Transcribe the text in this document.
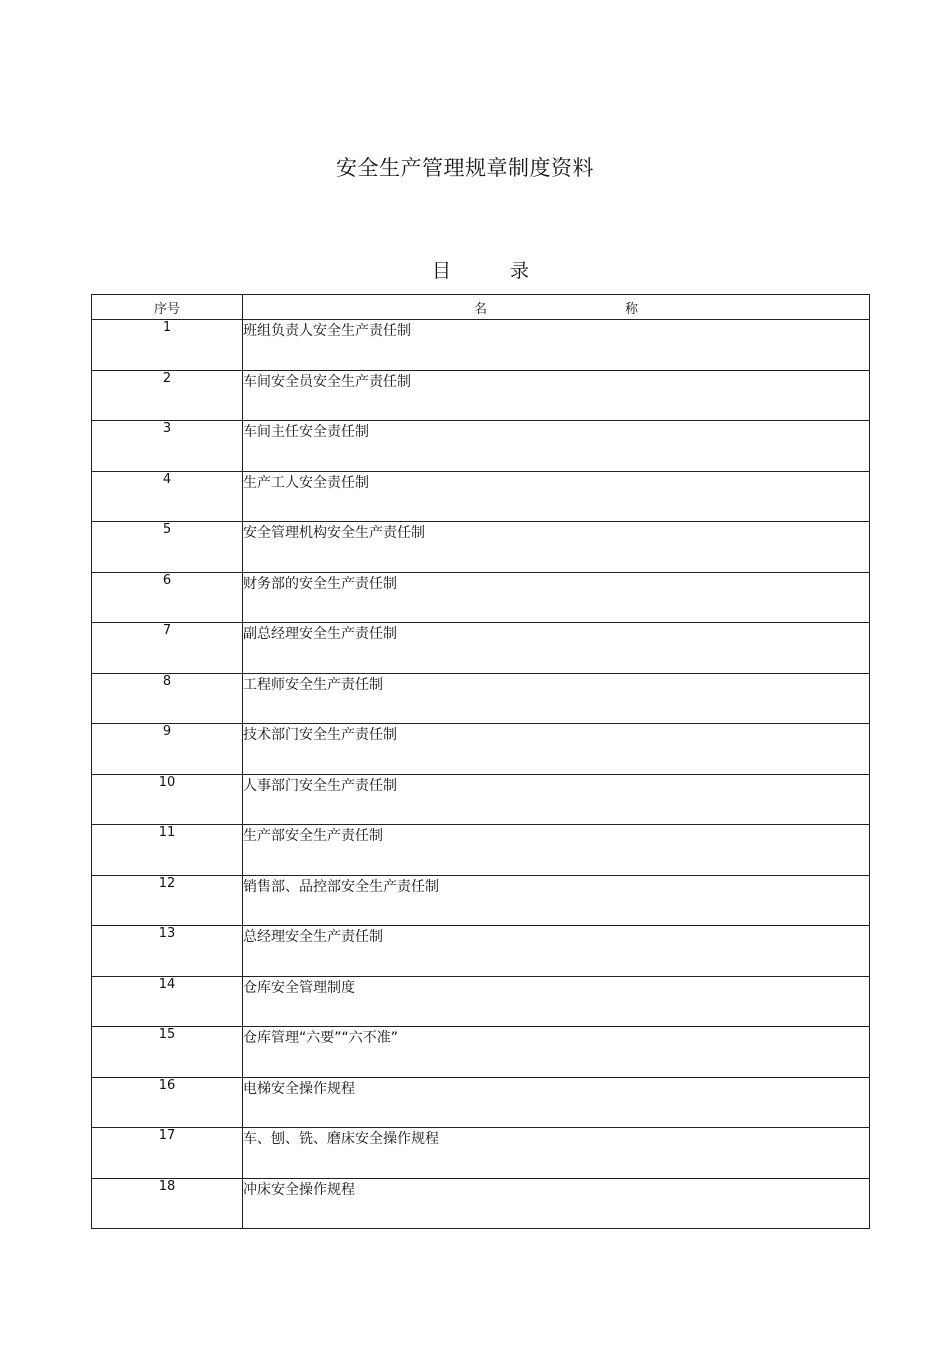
安全生产管理规章制度资料
目	录
序号	名 称

1	班组负责人安全生产责任制
2	车间安全员安全生产责任制
3	车间主任安全责任制
4	生产工人安全责任制
5	安全管理机构安全生产责任制
6	财务部的安全生产责任制
7	副总经理安全生产责任制
8	工程师安全生产责任制
9	技术部门安全生产责任制
10	人事部门安全生产责任制
11	生产部安全生产责任制
12	销售部、品控部安全生产责任制
13	总经理安全生产责任制
14	仓库安全管理制度
15	仓库管理“六要”“六不准”
16	电梯安全操作规程
17	车、刨、铣、磨床安全操作规程
18	冲床安全操作规程
